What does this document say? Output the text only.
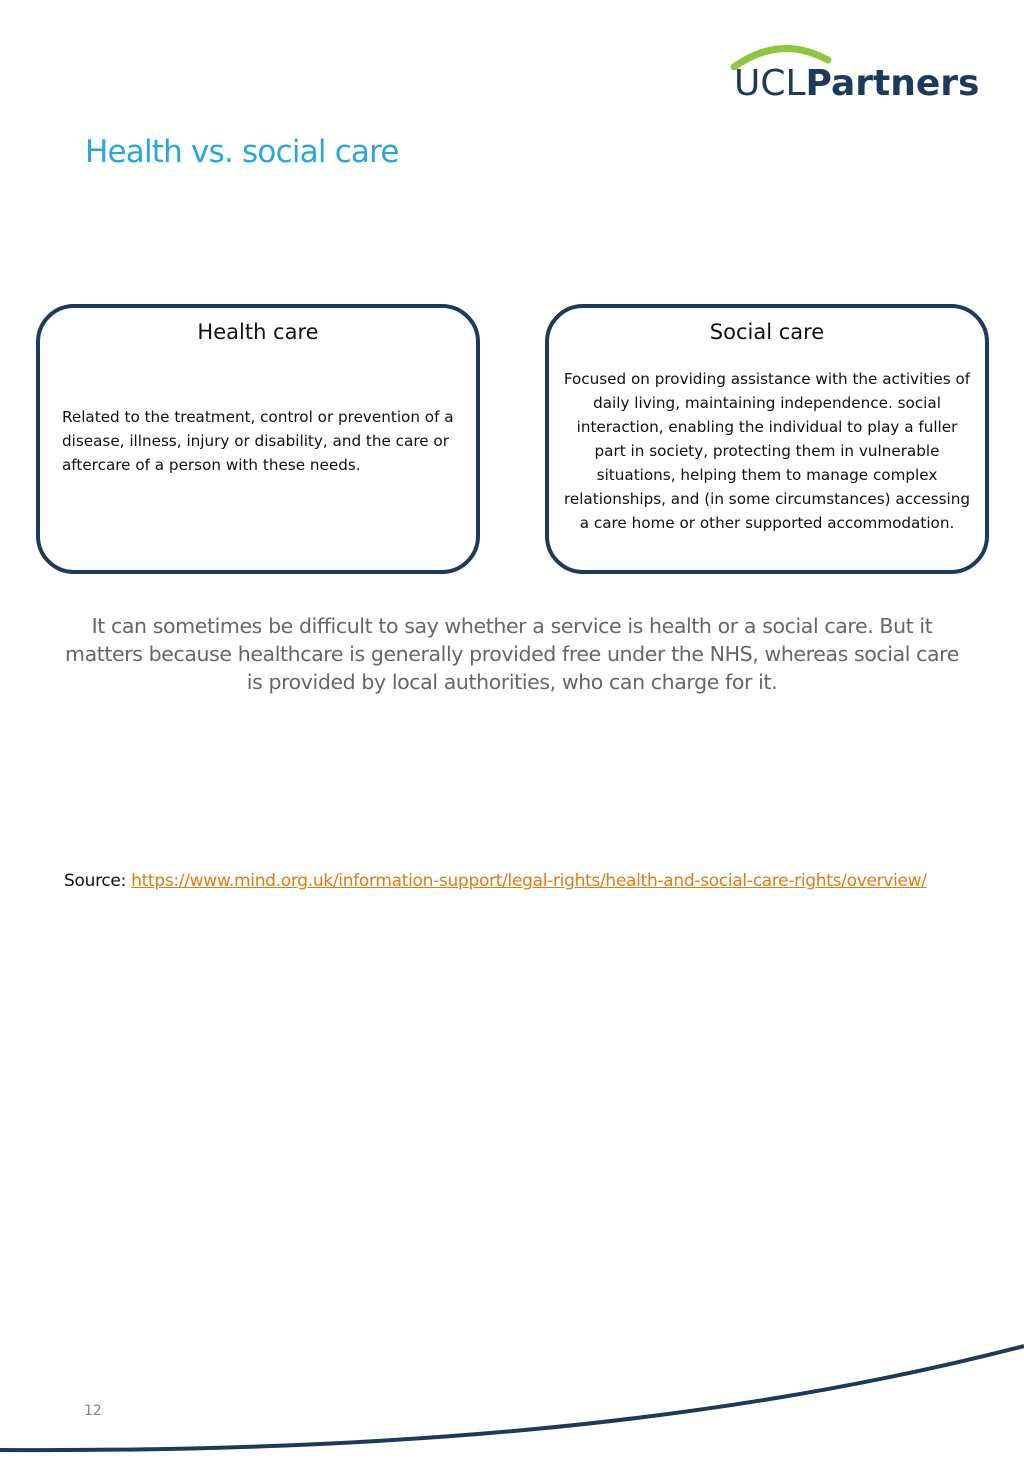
UCLPartners
Health vs. social care
Health care
Related to the treatment, control or prevention of a disease, illness, injury or disability, and the care or aftercare of a person with these needs.
Social care
Focused on providing assistance with the activities of daily living, maintaining independence. social interaction, enabling the individual to play a fuller part in society, protecting them in vulnerable situations, helping them to manage complex relationships, and (in some circumstances) accessing a care home or other supported accommodation.
It can sometimes be difficult to say whether a service is health or a social care. But it matters because healthcare is generally provided free under the NHS, whereas social care is provided by local authorities, who can charge for it.
Source: https://www.mind.org.uk/information-support/legal-rights/health-and-social-care-rights/overview/
12
